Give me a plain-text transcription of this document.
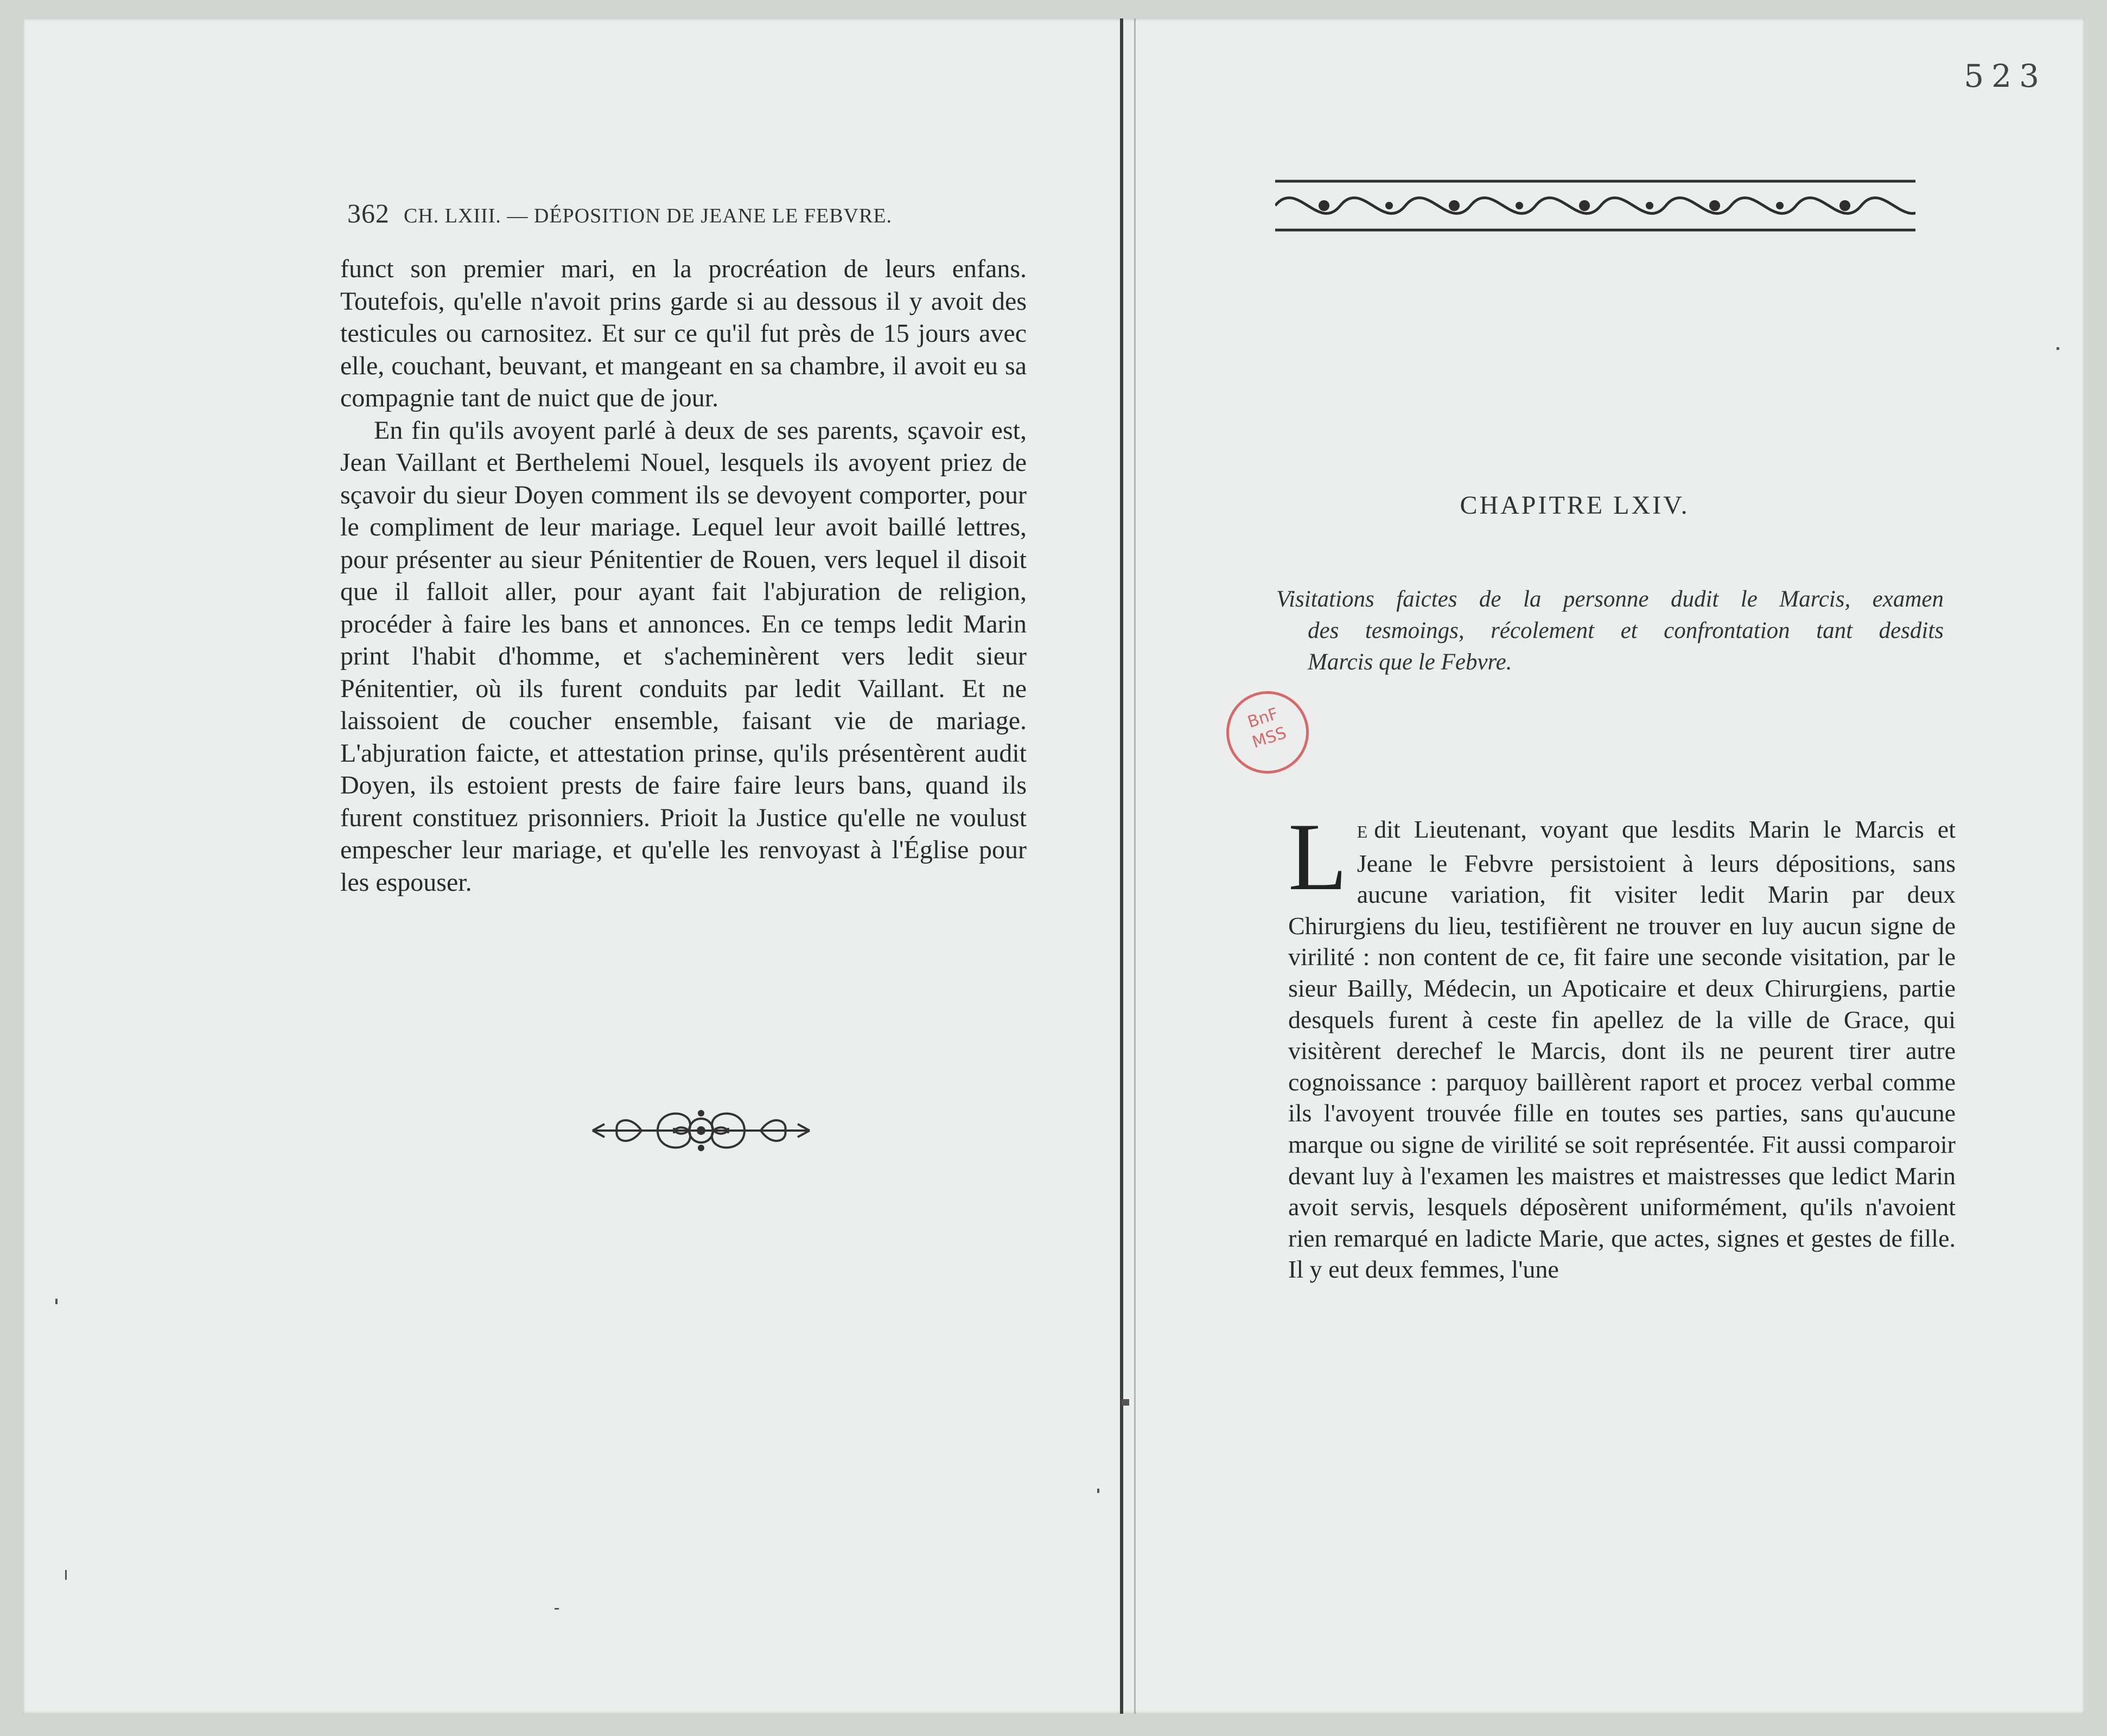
523
362 CH. LXIII. — DÉPOSITION DE JEANE LE FEBVRE.

funct son premier mari, en la procréation de leurs enfans. Toutefois, qu'elle n'avoit prins garde si au dessous il y avoit des testicules ou carnositez. Et sur ce qu'il fut près de 15 jours avec elle, couchant, beuvant, et mangeant en sa chambre, il avoit eu sa compagnie tant de nuict que de jour.

En fin qu'ils avoyent parlé à deux de ses parents, sçavoir est, Jean Vaillant et Berthelemi Nouel, lesquels ils avoyent priez de sçavoir du sieur Doyen comment ils se devoyent comporter, pour le compliment de leur mariage. Lequel leur avoit baillé lettres, pour présenter au sieur Pénitentier de Rouen, vers lequel il disoit que il falloit aller, pour ayant fait l'abjuration de religion, procéder à faire les bans et annonces. En ce temps ledit Marin print l'habit d'homme, et s'acheminèrent vers ledit sieur Pénitentier, où ils furent conduits par ledit Vaillant. Et ne laissoient de coucher ensemble, faisant vie de mariage. L'abjuration faicte, et attestation prinse, qu'ils présentèrent audit Doyen, ils estoient prests de faire faire leurs bans, quand ils furent constituez prisonniers. Prioit la Justice qu'elle ne voulust empescher leur mariage, et qu'elle les renvoyast à l'Église pour les espouser.

CHAPITRE LXIV.
Visitations faictes de la personne dudit le Marcis, examen
des tesmoings, récolement et confrontation tant desdits
Marcis que le Febvre.
BnF
MSS
L E dit Lieutenant, voyant que lesdits Marin le Marcis et Jeane le Febvre persistoient à leurs dépositions, sans aucune variation, fit visiter ledit Marin par deux Chirurgiens du lieu, testifièrent ne trouver en luy aucun signe de virilité : non content de ce, fit faire une seconde visitation, par le sieur Bailly, Médecin, un Apoticaire et deux Chirurgiens, partie desquels furent à ceste fin apellez de la ville de Grace, qui visitèrent derechef le Marcis, dont ils ne peurent tirer autre cognoissance : parquoy baillèrent raport et procez verbal comme ils l'avoyent trouvée fille en toutes ses parties, sans qu'aucune marque ou signe de virilité se soit représentée. Fit aussi comparoir devant luy à l'examen les maistres et maistresses que ledict Marin avoit servis, lesquels déposèrent uniformément, qu'ils n'avoient rien remarqué en ladicte Marie, que actes, signes et gestes de fille. Il y eut deux femmes, l'une
